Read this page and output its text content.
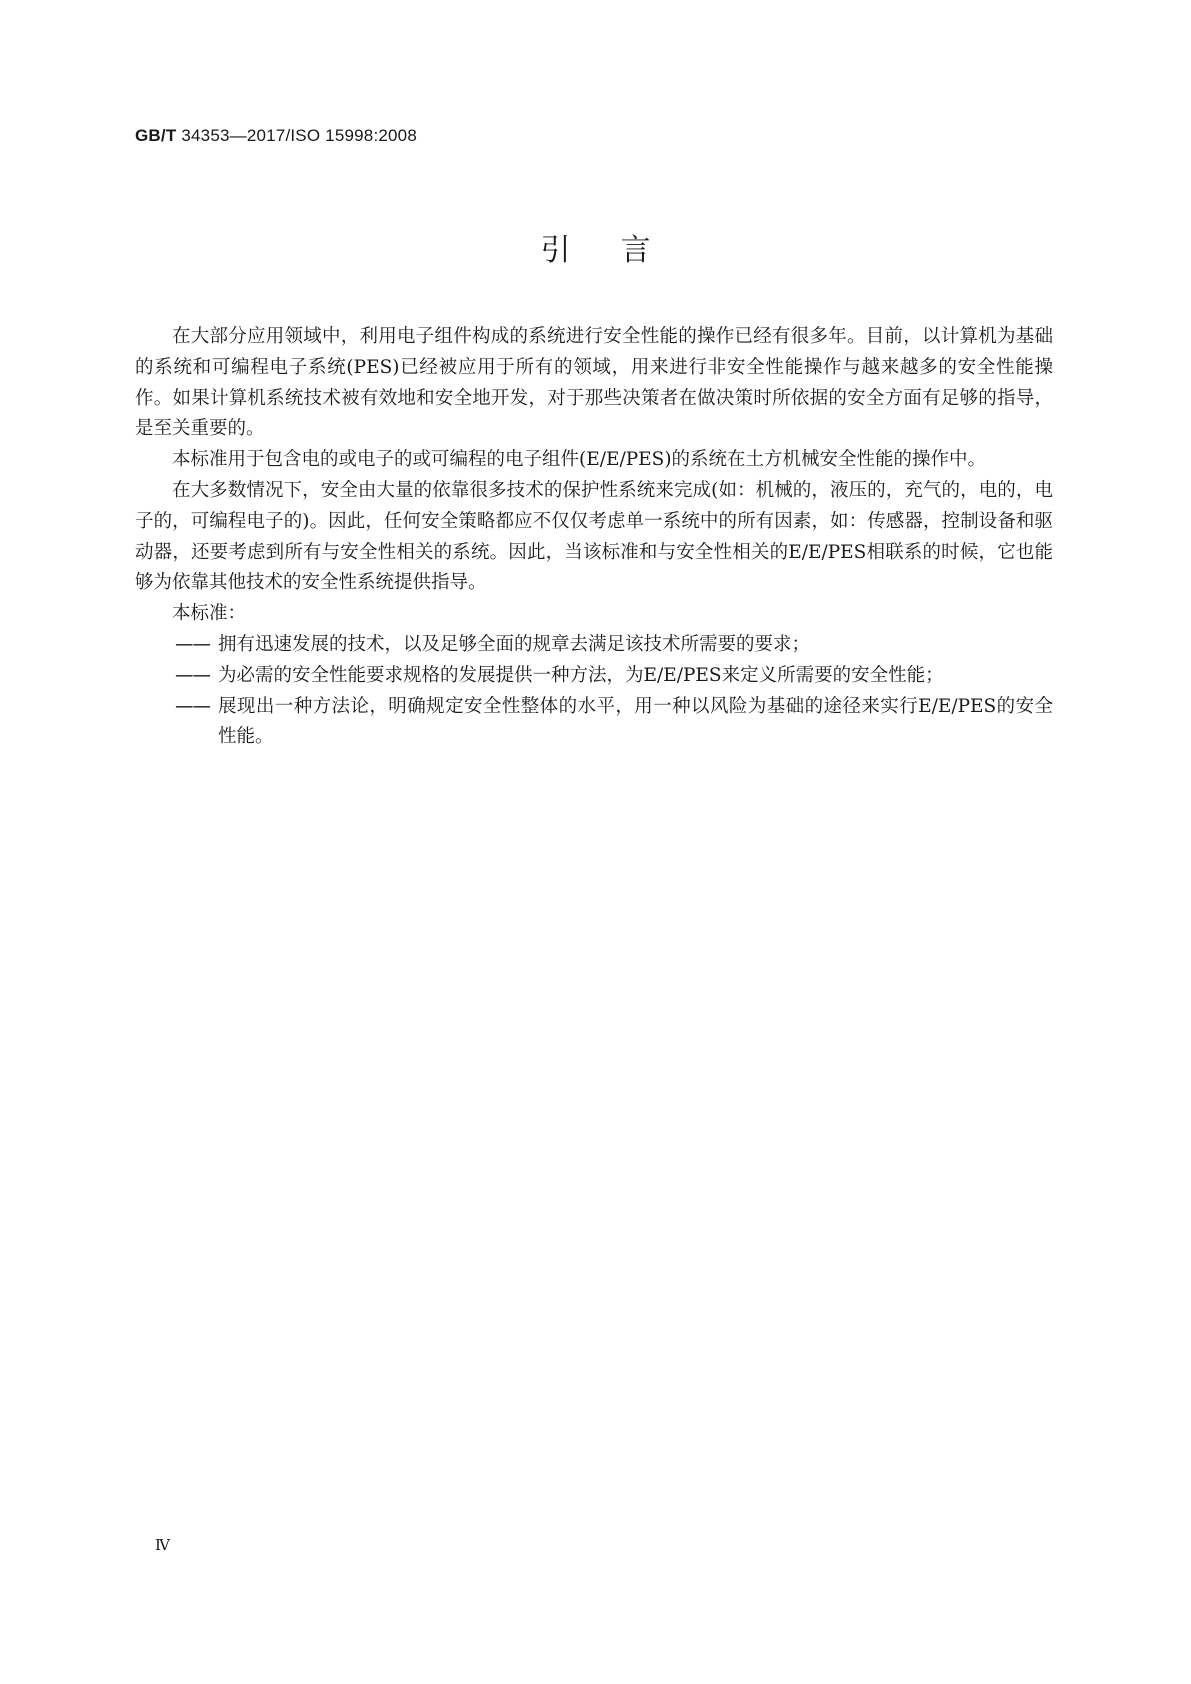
GB/T 34353—2017/ISO 15998:2008
引言

在大部分应用领域中，利用电子组件构成的系统进行安全性能的操作已经有很多年。目前，以计算机为基础的系统和可编程电子系统(PES)已经被应用于所有的领域，用来进行非安全性能操作与越来越多的安全性能操作。如果计算机系统技术被有效地和安全地开发，对于那些决策者在做决策时所依据的安全方面有足够的指导，是至关重要的。

本标准用于包含电的或电子的或可编程的电子组件(E/E/PES)的系统在土方机械安全性能的操作中。

在大多数情况下，安全由大量的依靠很多技术的保护性系统来完成(如：机械的，液压的，充气的，电的，电子的，可编程电子的)。因此，任何安全策略都应不仅仅考虑单一系统中的所有因素，如：传感器，控制设备和驱动器，还要考虑到所有与安全性相关的系统。因此，当该标准和与安全性相关的E/E/PES相联系的时候，它也能够为依靠其他技术的安全性系统提供指导。

本标准：

—— 拥有迅速发展的技术，以及足够全面的规章去满足该技术所需要的要求；
—— 为必需的安全性能要求规格的发展提供一种方法，为E/E/PES来定义所需要的安全性能；
—— 展现出一种方法论，明确规定安全性整体的水平，用一种以风险为基础的途径来实行E/E/PES的安全性能。
Ⅳ
